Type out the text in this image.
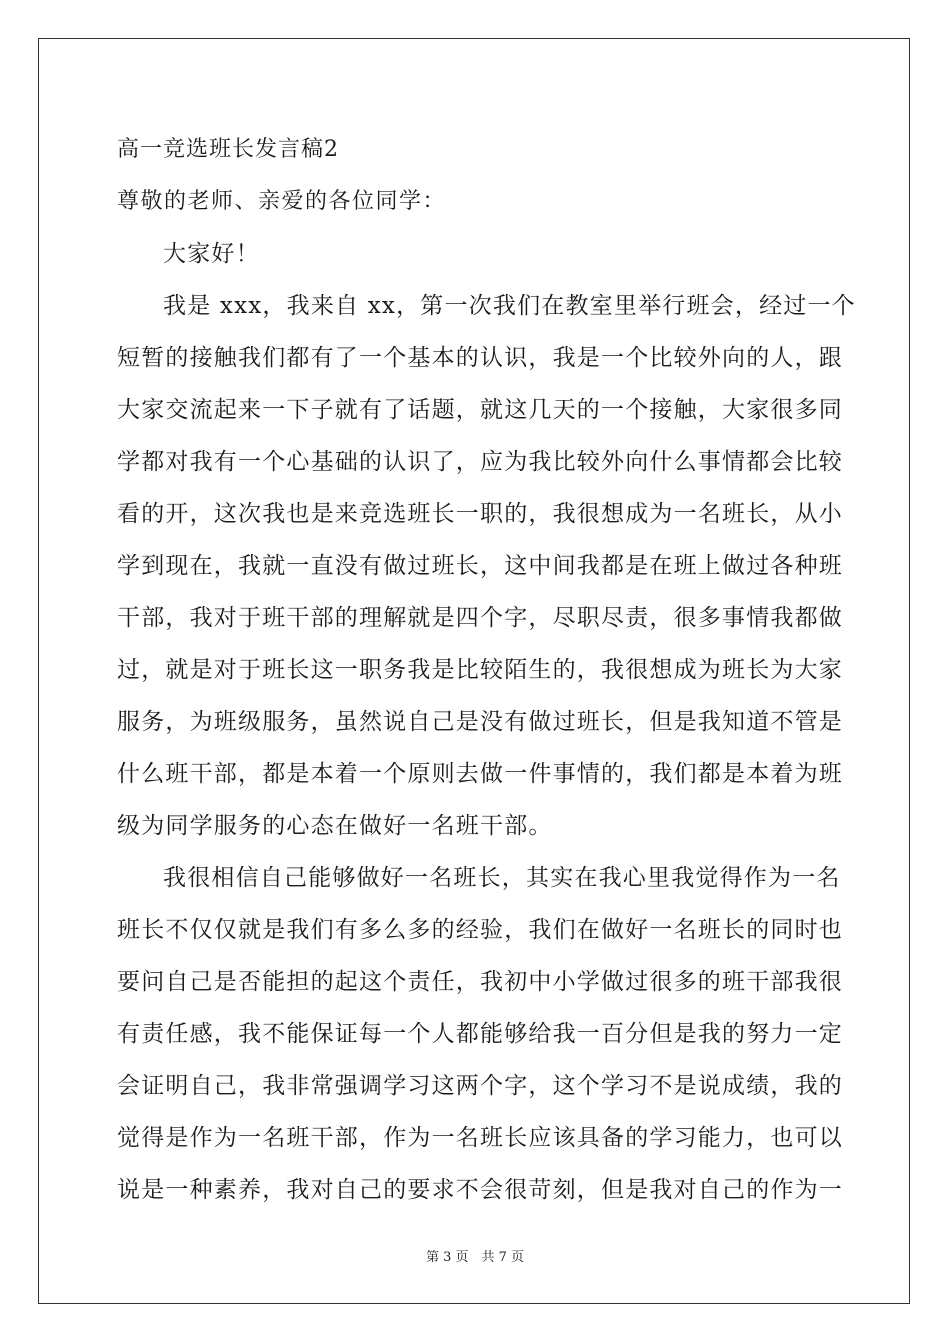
高一竞选班长发言稿2
尊敬的老师、亲爱的各位同学：
大家好！
我是 xxx，我来自 xx，第一次我们在教室里举行班会，经过一个
短暂的接触我们都有了一个基本的认识，我是一个比较外向的人，跟
大家交流起来一下子就有了话题，就这几天的一个接触，大家很多同
学都对我有一个心基础的认识了，应为我比较外向什么事情都会比较
看的开，这次我也是来竞选班长一职的，我很想成为一名班长，从小
学到现在，我就一直没有做过班长，这中间我都是在班上做过各种班
干部，我对于班干部的理解就是四个字，尽职尽责，很多事情我都做
过，就是对于班长这一职务我是比较陌生的，我很想成为班长为大家
服务，为班级服务，虽然说自己是没有做过班长，但是我知道不管是
什么班干部，都是本着一个原则去做一件事情的，我们都是本着为班
级为同学服务的心态在做好一名班干部。
我很相信自己能够做好一名班长，其实在我心里我觉得作为一名
班长不仅仅就是我们有多么多的经验，我们在做好一名班长的同时也
要问自己是否能担的起这个责任，我初中小学做过很多的班干部我很
有责任感，我不能保证每一个人都能够给我一百分但是我的努力一定
会证明自己，我非常强调学习这两个字，这个学习不是说成绩，我的
觉得是作为一名班干部，作为一名班长应该具备的学习能力，也可以
说是一种素养，我对自己的要求不会很苛刻，但是我对自己的作为一
第 3 页　共 7 页
